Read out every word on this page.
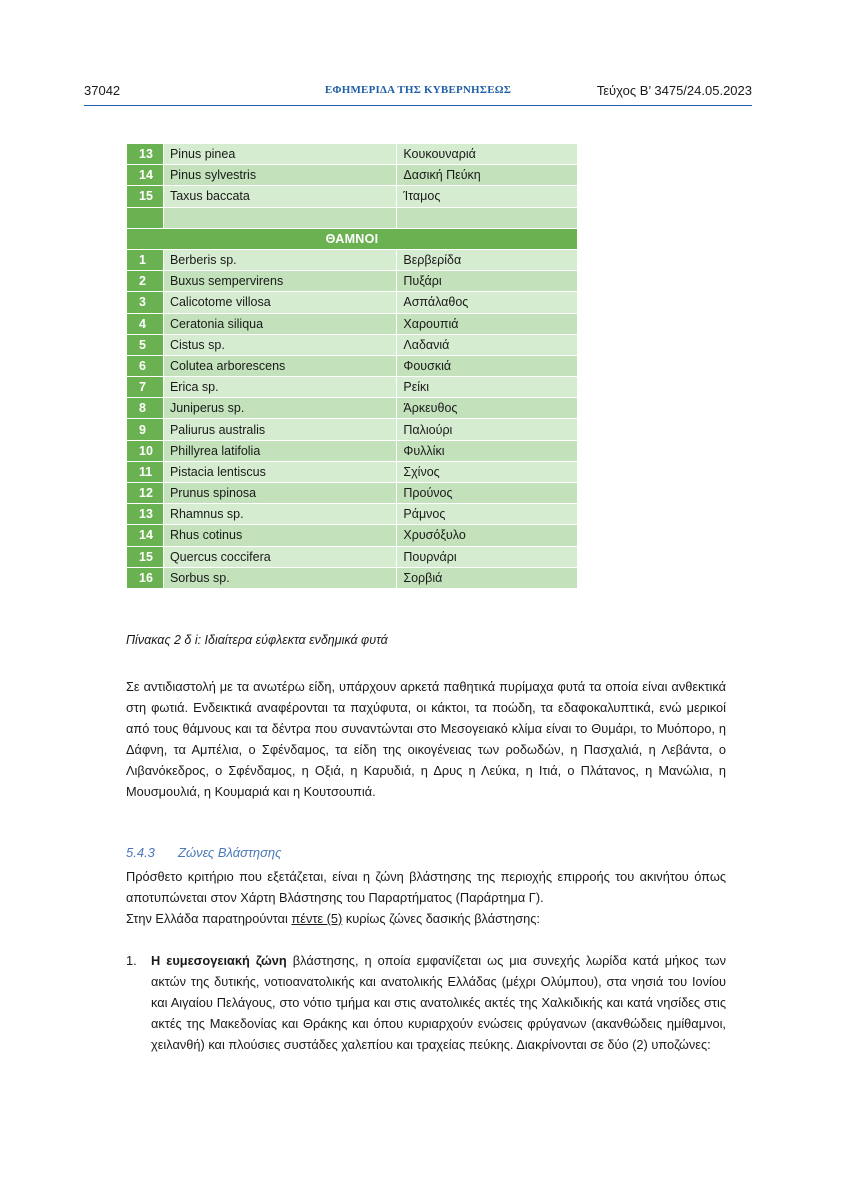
37042	ΕΦΗΜΕΡΙΔΑ ΤΗΣ ΚΥΒΕΡΝΗΣΕΩΣ	Τεύχος Β’ 3475/24.05.2023
13	Pinus pinea	Κουκουναριά
14	Pinus sylvestris	Δασική Πεύκη
15	Taxus baccata	Ίταμος

ΘΑΜΝΟΙ		
1	Berberis sp.	Βερβερίδα
2	Buxus sempervirens	Πυξάρι
3	Calicotome villosa	Ασπάλαθος
4	Ceratonia siliqua	Χαρουπιά
5	Cistus sp.	Λαδανιά
6	Colutea arborescens	Φουσκιά
7	Erica sp.	Ρείκι
8	Juniperus sp.	Άρκευθος
9	Paliurus australis	Παλιούρι
10	Phillyrea latifolia	Φυλλίκι
11	Pistacia lentiscus	Σχίνος
12	Prunus spinosa	Προύνος
13	Rhamnus sp.	Ράμνος
14	Rhus cotinus	Χρυσόξυλο
15	Quercus coccifera	Πουρνάρι
16	Sorbus sp.	Σορβιά
Πίνακας 2 δ i: Ιδιαίτερα εύφλεκτα ενδημικά φυτά
Σε αντιδιαστολή με τα ανωτέρω είδη, υπάρχουν αρκετά παθητικά πυρίμαχα φυτά τα οποία είναι ανθεκτικά στη φωτιά. Ενδεικτικά αναφέρονται τα παχύφυτα, οι κάκτοι, τα ποώδη, τα εδαφοκαλυπτικά, ενώ μερικοί από τους θάμνους και τα δέντρα που συναντώνται στο Μεσογειακό κλίμα είναι το Θυμάρι, το Μυόπορο, η Δάφνη, τα Αμπέλια, ο Σφένδαμος, τα είδη της οικογένειας των ροδωδών, η Πασχαλιά, η Λεβάντα, ο Λιβανόκεδρος, ο Σφένδαμος, η Οξιά, η Καρυδιά, η Δρυς η Λεύκα, η Ιτιά, ο Πλάτανος, η Μανώλια, η Μουσμουλιά, η Κουμαριά και η Κουτσουπιά.
5.4.3 Ζώνες Βλάστησης
Πρόσθετο κριτήριο που εξετάζεται, είναι η ζώνη βλάστησης της περιοχής επιρροής του ακινήτου όπως αποτυπώνεται στον Χάρτη Βλάστησης του Παραρτήματος (Παράρτημα Γ).
Στην Ελλάδα παρατηρούνται πέντε (5) κυρίως ζώνες δασικής βλάστησης:
1. Η ευμεσογειακή ζώνη βλάστησης, η οποία εμφανίζεται ως μια συνεχής λωρίδα κατά μήκος των ακτών της δυτικής, νοτιοανατολικής και ανατολικής Ελλάδας (μέχρι Ολύμπου), στα νησιά του Ιονίου και Αιγαίου Πελάγους, στο νότιο τμήμα και στις ανατολικές ακτές της Χαλκιδικής και κατά νησίδες στις ακτές της Μακεδονίας και Θράκης και όπου κυριαρχούν ενώσεις φρύγανων (ακανθώδεις ημίθαμνοι, χειλανθή) και πλούσιες συστάδες χαλεπίου και τραχείας πεύκης. Διακρίνονται σε δύο (2) υποζώνες:
